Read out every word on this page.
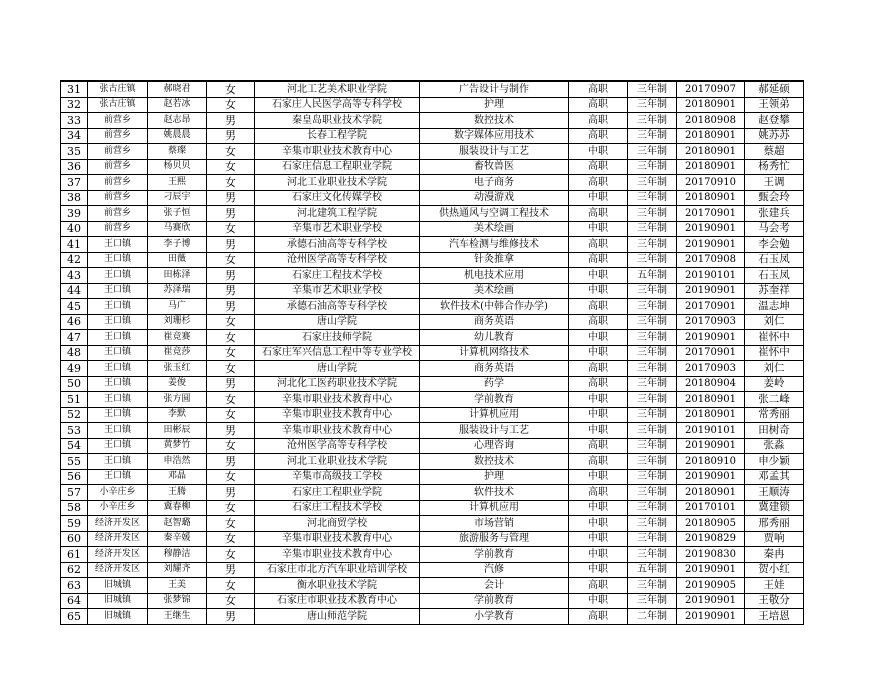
31	张古庄镇	郝晓君	女	河北工艺美术职业学院	广告设计与制作	高职	三年制	20170907	郝延硕
32	张古庄镇	赵若冰	女	石家庄人民医学高等专科学校	护理	高职	三年制	20180901	王领弟
33	前营乡	赵志昂	男	秦皇岛职业技术学院	数控技术	高职	三年制	20180908	赵登攀
34	前营乡	姚晨晨	男	长春工程学院	数字媒体应用技术	高职	三年制	20180901	姚苏苏
35	前营乡	蔡璨	女	辛集市职业技术教育中心	服装设计与工艺	中职	三年制	20180901	蔡超
36	前营乡	杨贝贝	女	石家庄信息工程职业学院	畜牧兽医	高职	三年制	20180901	杨秀忙
37	前营乡	王熙	女	河北工业职业技术学院	电子商务	高职	三年制	20170910	王调
38	前营乡	刁辰宇	男	石家庄文化传媒学校	动漫游戏	中职	三年制	20180901	甄会玲
39	前营乡	张子恒	男	河北建筑工程学院	供热通风与空调工程技术	高职	三年制	20170901	张建兵
40	前营乡	马赛欣	女	辛集市艺术职业学校	美术绘画	中职	三年制	20190901	马会考
41	王口镇	李子博	男	承德石油高等专科学校	汽车检测与维修技术	高职	三年制	20190901	李会勉
42	王口镇	田薇	女	沧州医学高等专科学校	针灸推拿	高职	三年制	20170908	石玉凤
43	王口镇	田栋泽	男	石家庄工程技术学校	机电技术应用	中职	五年制	20190101	石玉凤
44	王口镇	苏泽瑞	男	辛集市艺术职业学校	美术绘画	中职	三年制	20190901	苏奎祥
45	王口镇	马广	男	承德石油高等专科学校	软件技术(中韩合作办学)	高职	三年制	20170901	温志坤
46	王口镇	刘珊杉	女	唐山学院	商务英语	高职	三年制	20170903	刘仁
47	王口镇	崔竞赛	女	石家庄技师学院	幼儿教育	中职	三年制	20190901	崔怀中
48	王口镇	崔竞莎	女	石家庄军兴信息工程中等专业学校	计算机网络技术	中职	三年制	20170901	崔怀中
49	王口镇	张玉红	女	唐山学院	商务英语	高职	三年制	20170903	刘仁
50	王口镇	姜俊	男	河北化工医药职业技术学院	药学	高职	三年制	20180904	姜岭
51	王口镇	张方圆	女	辛集市职业技术教育中心	学前教育	中职	三年制	20180901	张二峰
52	王口镇	李默	女	辛集市职业技术教育中心	计算机应用	中职	三年制	20180901	常秀丽
53	王口镇	田彬辰	男	辛集市职业技术教育中心	服装设计与工艺	中职	三年制	20190101	田树奇
54	王口镇	黄梦竹	女	沧州医学高等专科学校	心理咨询	高职	三年制	20190901	张淼
55	王口镇	申浩然	男	河北工业职业技术学院	数控技术	高职	三年制	20180910	申少颖
56	王口镇	邓晶	女	辛集市高级技工学校	护理	中职	三年制	20190901	邓孟其
57	小辛庄乡	王腾	男	石家庄工程职业学院	软件技术	高职	三年制	20180901	王顺涛
58	小辛庄乡	冀春柳	女	石家庄工程技术学校	计算机应用	中职	三年制	20170101	冀建锁
59	经济开发区	赵智璐	女	河北商贸学校	市场营销	中职	三年制	20180905	邢秀丽
60	经济开发区	秦辛媛	女	辛集市职业技术教育中心	旅游服务与管理	中职	三年制	20190829	贾响
61	经济开发区	穆静洁	女	辛集市职业技术教育中心	学前教育	中职	三年制	20190830	秦冉
62	经济开发区	刘耀齐	男	石家庄市北方汽车职业培训学校	汽修	中职	五年制	20190901	贺小红
63	旧城镇	王美	女	衡水职业技术学院	会计	高职	三年制	20190905	王娃
64	旧城镇	张梦锦	女	石家庄市职业技术教育中心	学前教育	中职	三年制	20190901	王敬分
65	旧城镇	王继生	男	唐山师范学院	小学教育	高职	二年制	20190901	王培恩
